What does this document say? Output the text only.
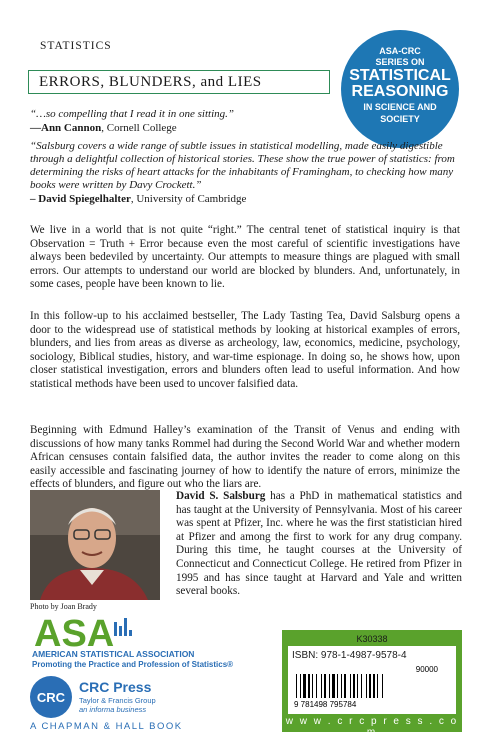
STATISTICS
ERRORS, BLUNDERS, and LIES
ASA-CRC
SERIES ON
STATISTICAL
REASONING
IN SCIENCE AND
SOCIETY
“…so compelling that I read it in one sitting.”
—Ann Cannon, Cornell College
“Salsburg covers a wide range of subtle issues in statistical modelling, made easily digestible through a delightful collection of historical stories. These show the true power of statistics: from determining the risks of heart attacks for the inhabitants of Framingham, to checking how many books were written by Davy Crockett.”
– David Spiegelhalter, University of Cambridge
We live in a world that is not quite “right.” The central tenet of statistical inquiry is that Observation = Truth + Error because even the most careful of scientific investigations have always been bedeviled by uncertainty. Our attempts to measure things are plagued with small errors. Our attempts to understand our world are blocked by blunders. And, unfortunately, in some cases, people have been known to lie.
In this follow-up to his acclaimed bestseller, The Lady Tasting Tea, David Salsburg opens a door to the widespread use of statistical methods by looking at historical examples of errors, blunders, and lies from areas as diverse as archeology, law, economics, medicine, psychology, sociology, Biblical studies, history, and war-time espionage. In doing so, he shows how, upon closer statistical investigation, errors and blunders often lead to useful information. And how statistical methods have been used to uncover falsified data.
Beginning with Edmund Halley’s examination of the Transit of Venus and ending with discussions of how many tanks Rommel had during the Second World War and whether modern African censuses contain falsified data, the author invites the reader to come along on this easily accessible and fascinating journey of how to identify the nature of errors, minimize the effects of blunders, and figure out who the liars are.
Photo by Joan Brady
David S. Salsburg has a PhD in mathematical statistics and has taught at the University of Pennsylvania. Most of his career was spent at Pfizer, Inc. where he was the first statistician hired at Pfizer and among the first to work for any drug company. During this time, he taught courses at the University of Connecticut and Connecticut College. He retired from Pfizer in 1995 and has since taught at Harvard and Yale and written several books.
ASA
AMERICAN STATISTICAL ASSOCIATION
Promoting the Practice and Profession of Statistics®
CRC
CRC Press
Taylor & Francis Group
an informa business
A CHAPMAN & HALL BOOK
K30338
ISBN: 978-1-4987-9578-4
90000
9 781498 795784
w w w . c r c p r e s s . c o m
